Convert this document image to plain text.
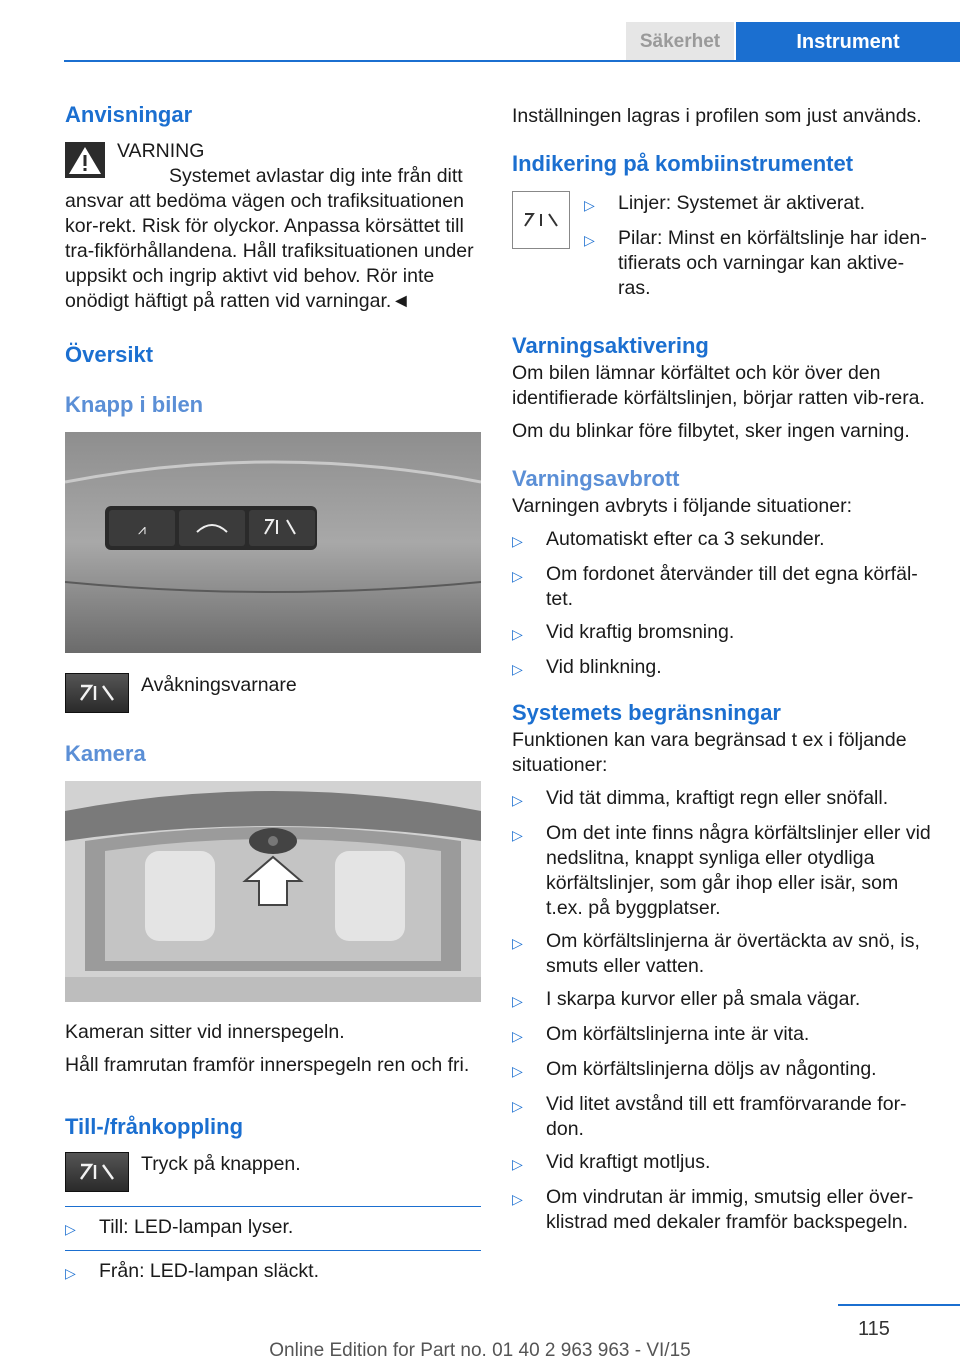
Säkerhet	Instrument
Anvisningar
VARNING

Systemet avlastar dig inte från ditt ansvar att bedöma vägen och trafiksituationen kor-rekt. Risk för olyckor. Anpassa körsättet till tra-fikförhållandena. Håll trafiksituationen under uppsikt och ingrip aktivt vid behov. Rör inte onödigt häftigt på ratten vid varningar.◄

Översikt
Knapp i bilen
⩘

Avåkningsvarnare

Kamera

Kameran sitter vid innerspegeln.

Håll framrutan framför innerspegeln ren och fri.

Till-/frånkoppling

Tryck på knappen.

▷	Till: LED-lampan lyser.
▷	Från: LED-lampan släckt.

Inställningen lagras i profilen som just används.

Indikering på kombiinstrumentet
▷	Linjer: Systemet är aktiverat.
▷	Pilar: Minst en körfältslinje har iden-tifierats och varningar kan aktive-ras.
Varningsaktivering

Om bilen lämnar körfältet och kör över den identifierade körfältslinjen, börjar ratten vib-rera.

Om du blinkar före filbytet, sker ingen varning.

Varningsavbrott

Varningen avbryts i följande situationer:

▷	Automatiskt efter ca 3 sekunder.
▷	Om fordonet återvänder till det egna körfäl-tet.
▷	Vid kraftig bromsning.
▷	Vid blinkning.
Systemets begränsningar

Funktionen kan vara begränsad t ex i följande situationer:

▷	Vid tät dimma, kraftigt regn eller snöfall.
▷	Om det inte finns några körfältslinjer eller vid nedslitna, knappt synliga eller otydliga körfältslinjer, som går ihop eller isär, som t.ex. på byggplatser.
▷	Om körfältslinjerna är övertäckta av snö, is, smuts eller vatten.
▷	I skarpa kurvor eller på smala vägar.
▷	Om körfältslinjerna inte är vita.
▷	Om körfältslinjerna döljs av någonting.
▷	Vid litet avstånd till ett framförvarande for-don.
▷	Vid kraftigt motljus.
▷	Om vindrutan är immig, smutsig eller över-klistrad med dekaler framför backspegeln.
115
Online Edition for Part no. 01 40 2 963 963 - VI/15
